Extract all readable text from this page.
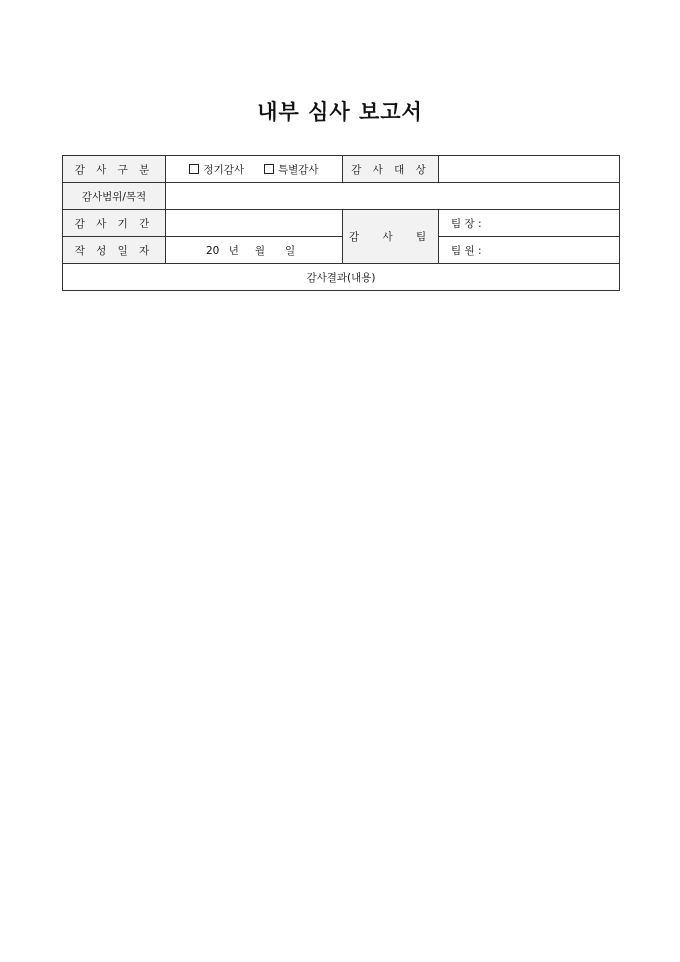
내부 심사 보고서
감 사 구 분	정기감사 특별감사	감 사 대 상	
감사범위/목적			
감 사 기 간		감 사 팀	팀 장 :
작 성 일 자	20 년 월 일		팀 원 :
감사결과(내용)			
